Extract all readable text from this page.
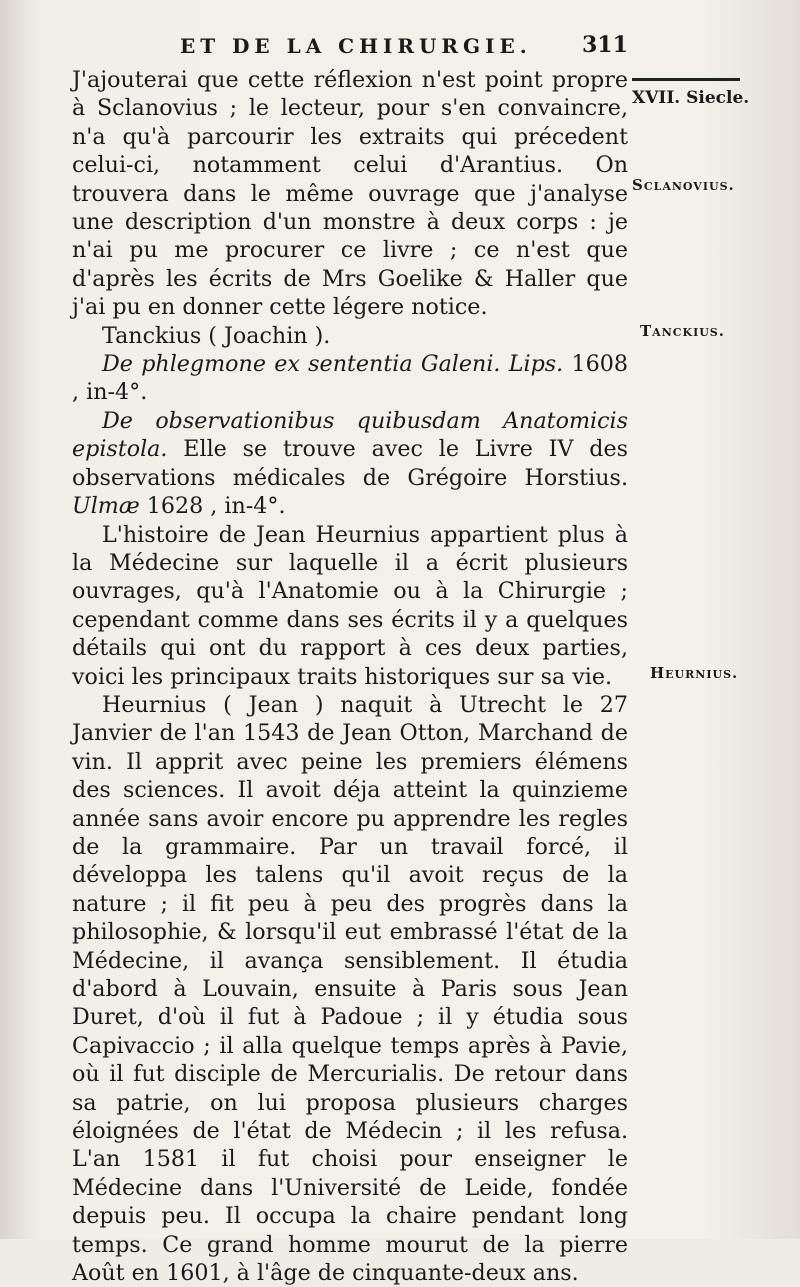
ET DE LA CHIRURGIE. 311
XVII. Siecle.
Sclanovius.
Tanckius.
Heurnius.

J'ajouterai que cette réflexion n'est point propre à Sclanovius ; le lecteur, pour s'en convaincre, n'a qu'à parcourir les extraits qui précedent celui-ci, notamment celui d'Arantius. On trouvera dans le même ouvrage que j'analyse une description d'un monstre à deux corps : je n'ai pu me procurer ce livre ; ce n'est que d'après les écrits de Mrs Goelike & Haller que j'ai pu en donner cette légere notice.

Tanckius ( Joachin ).

De phlegmone ex sententia Galeni. Lips. 1608 , in-4°.

De observationibus quibusdam Anatomicis epistola. Elle se trouve avec le Livre IV des observations médicales de Grégoire Horstius. Ulmæ 1628 , in-4°.

L'histoire de Jean Heurnius appartient plus à la Médecine sur laquelle il a écrit plusieurs ouvrages, qu'à l'Anatomie ou à la Chirurgie ; cependant comme dans ses écrits il y a quelques détails qui ont du rapport à ces deux parties, voici les principaux traits historiques sur sa vie.

Heurnius ( Jean ) naquit à Utrecht le 27 Janvier de l'an 1543 de Jean Otton, Marchand de vin. Il apprit avec peine les premiers élémens des sciences. Il avoit déja atteint la quinzieme année sans avoir encore pu apprendre les regles de la grammaire. Par un travail forcé, il développa les talens qu'il avoit reçus de la nature ; il fit peu à peu des progrès dans la philosophie, & lorsqu'il eut embrassé l'état de la Médecine, il avança sensiblement. Il étudia d'abord à Louvain, ensuite à Paris sous Jean Duret, d'où il fut à Padoue ; il y étudia sous Capivaccio ; il alla quelque temps après à Pavie, où il fut disciple de Mercurialis. De retour dans sa patrie, on lui proposa plusieurs charges éloignées de l'état de Médecin ; il les refusa. L'an 1581 il fut choisi pour enseigner le Médecine dans l'Université de Leide, fondée depuis peu. Il occupa la chaire pendant long temps. Ce grand homme mourut de la pierre Août en 1601, à l'âge de cinquante-deux ans.
